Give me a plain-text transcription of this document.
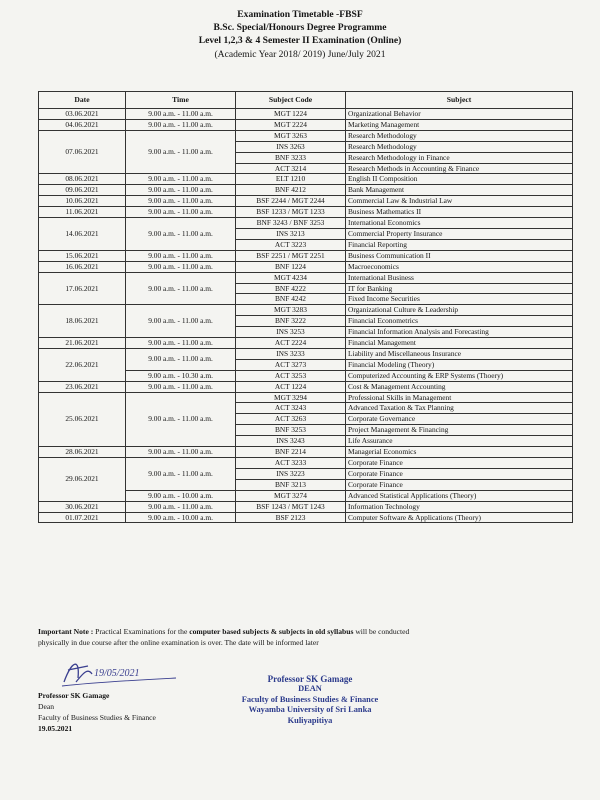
Examination Timetable -FBSF
B.Sc. Special/Honours Degree Programme
Level 1,2,3 & 4 Semester II Examination (Online)
(Academic Year 2018/ 2019) June/July 2021
Date	Time	Subject Code	Subject
03.06.2021	9.00 a.m. - 11.00 a.m.	MGT 1224	Organizational Behavior
04.06.2021	9.00 a.m. - 11.00 a.m.	MGT 2224	Marketing Management
07.06.2021	9.00 a.m. - 11.00 a.m.	MGT 3263	Research Methodology
		INS 3263	Research Methodology
		BNF 3233	Research Methodology in Finance
		ACT 3214	Research Methods in Accounting & Finance
08.06.2021	9.00 a.m. - 11.00 a.m.	ELT 1210	English II Composition
09.06.2021	9.00 a.m. - 11.00 a.m.	BNF 4212	Bank Management
10.06.2021	9.00 a.m. - 11.00 a.m.	BSF 2244 / MGT 2244	Commercial Law & Industrial Law
11.06.2021	9.00 a.m. - 11.00 a.m.	BSF 1233 / MGT 1233	Business Mathematics II
14.06.2021	9.00 a.m. - 11.00 a.m.	BNF 3243 / BNF 3253	International Economics
		INS 3213	Commercial Property Insurance
		ACT 3223	Financial Reporting
15.06.2021	9.00 a.m. - 11.00 a.m.	BSF 2251 / MGT 2251	Business Communication II
16.06.2021	9.00 a.m. - 11.00 a.m.	BNF 1224	Macroeconomics
17.06.2021	9.00 a.m. - 11.00 a.m.	MGT 4234	International Business
		BNF 4222	IT for Banking
		BNF 4242	Fixed Income Securities
18.06.2021	9.00 a.m. - 11.00 a.m.	MGT 3283	Organizational Culture & Leadership
		BNF 3222	Financial Econometrics
		INS 3253	Financial Information Analysis and Forecasting
21.06.2021	9.00 a.m. - 11.00 a.m.	ACT 2224	Financial Management
22.06.2021	9.00 a.m. - 11.00 a.m.	INS 3233	Liability and Miscellaneous Insurance
		ACT 3273	Financial Modeling (Theory)
	9.00 a.m. - 10.30 a.m.	ACT 3253	Computerized Accounting & ERP Systems (Thoery)
23.06.2021	9.00 a.m. - 11.00 a.m.	ACT 1224	Cost & Management Accounting
25.06.2021	9.00 a.m. - 11.00 a.m.	MGT 3294	Professional Skills in Management
		ACT 3243	Advanced Taxation & Tax Planning
		ACT 3263	Corporate Governance
		BNF 3253	Project Management & Financing
		INS 3243	Life Assurance
28.06.2021	9.00 a.m. - 11.00 a.m.	BNF 2214	Managerial Economics
29.06.2021	9.00 a.m. - 11.00 a.m.	ACT 3233	Corporate Finance
		INS 3223	Corporate Finance
		BNF 3213	Corporate Finance
	9.00 a.m. - 10.00 a.m.	MGT 3274	Advanced Statistical Applications (Theory)
30.06.2021	9.00 a.m. - 11.00 a.m.	BSF 1243 / MGT 1243	Information Technology
01.07.2021	9.00 a.m. - 10.00 a.m.	BSF 2123	Computer Software & Applications (Theory)
Important Note : Practical Examinations for the computer based subjects & subjects in old syllabus will be conducted
physically in due course after the online examination is over. The date will be informed later
19/05/2021
Professor SK Gamage
Dean
Faculty of Business Studies & Finance
19.05.2021
Professor SK Gamage
DEAN
Faculty of Business Studies & Finance
Wayamba University of Sri Lanka
Kuliyapitiya
